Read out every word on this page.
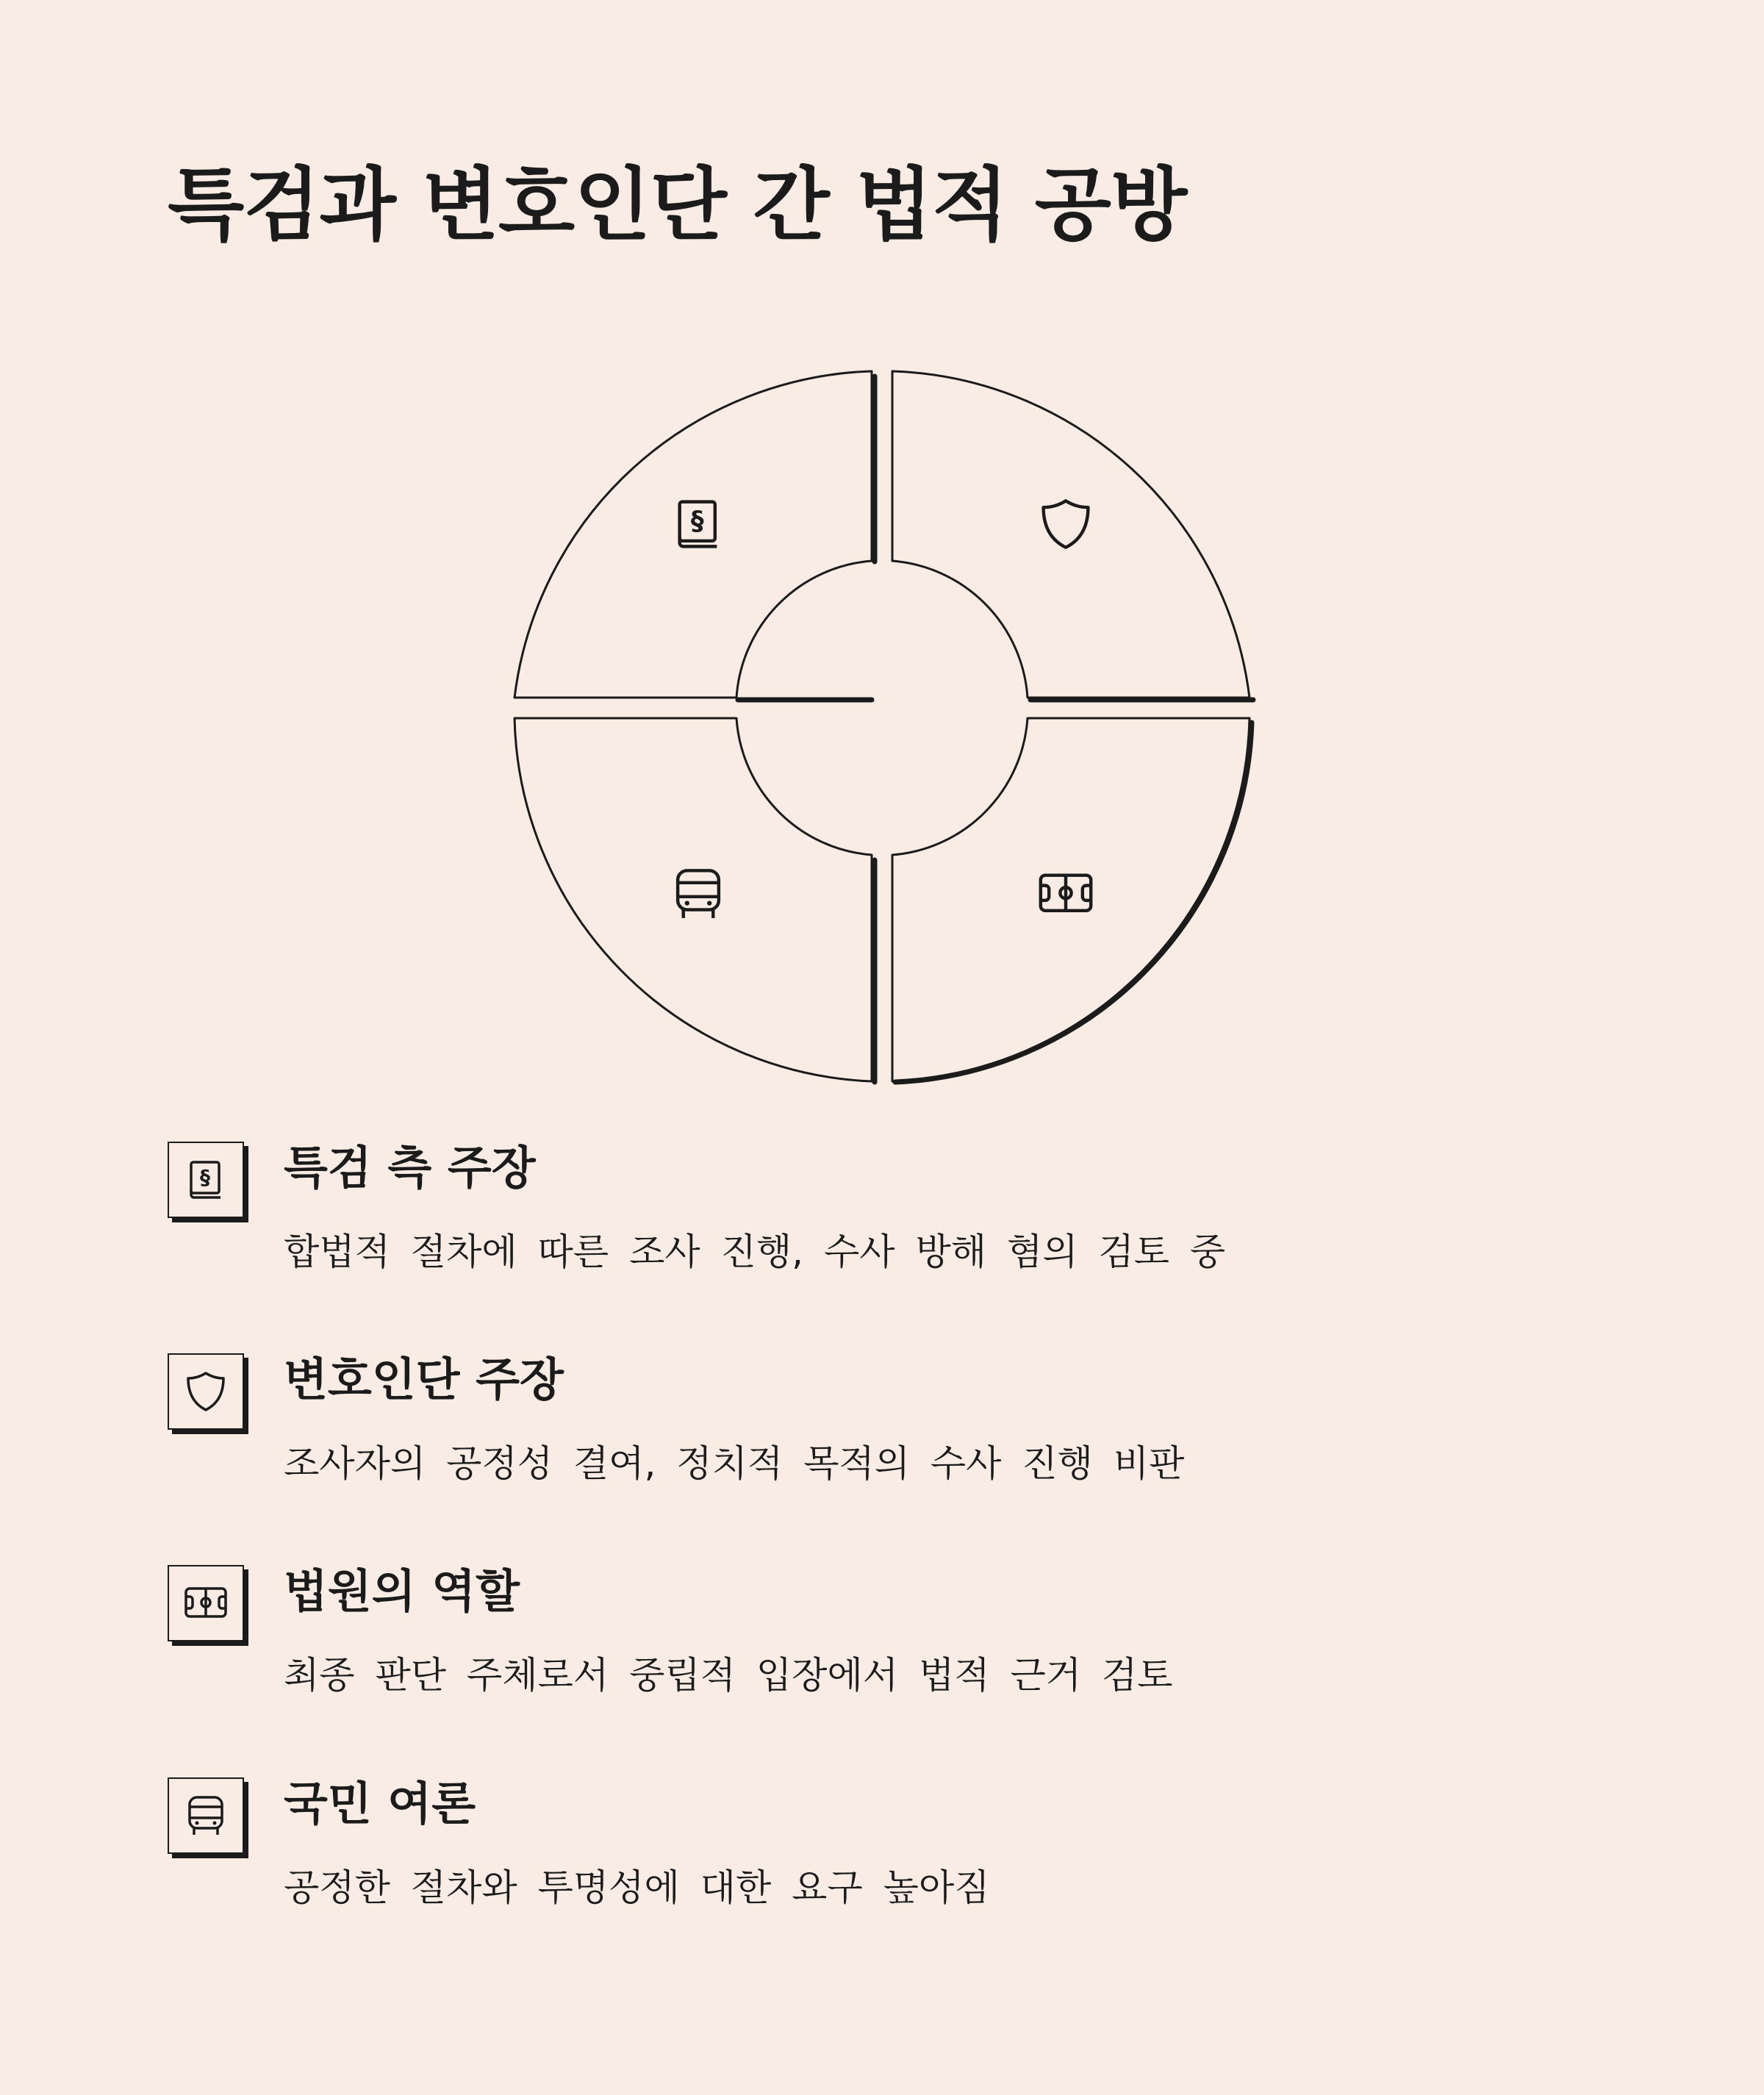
특검과 변호인단 간 법적 공방
특검 측 주장
합법적 절차에 따른 조사 진행, 수사 방해 혐의 검토 중
변호인단 주장
조사자의 공정성 결여, 정치적 목적의 수사 진행 비판
법원의 역할
최종 판단 주체로서 중립적 입장에서 법적 근거 검토
국민 여론
공정한 절차와 투명성에 대한 요구 높아짐
